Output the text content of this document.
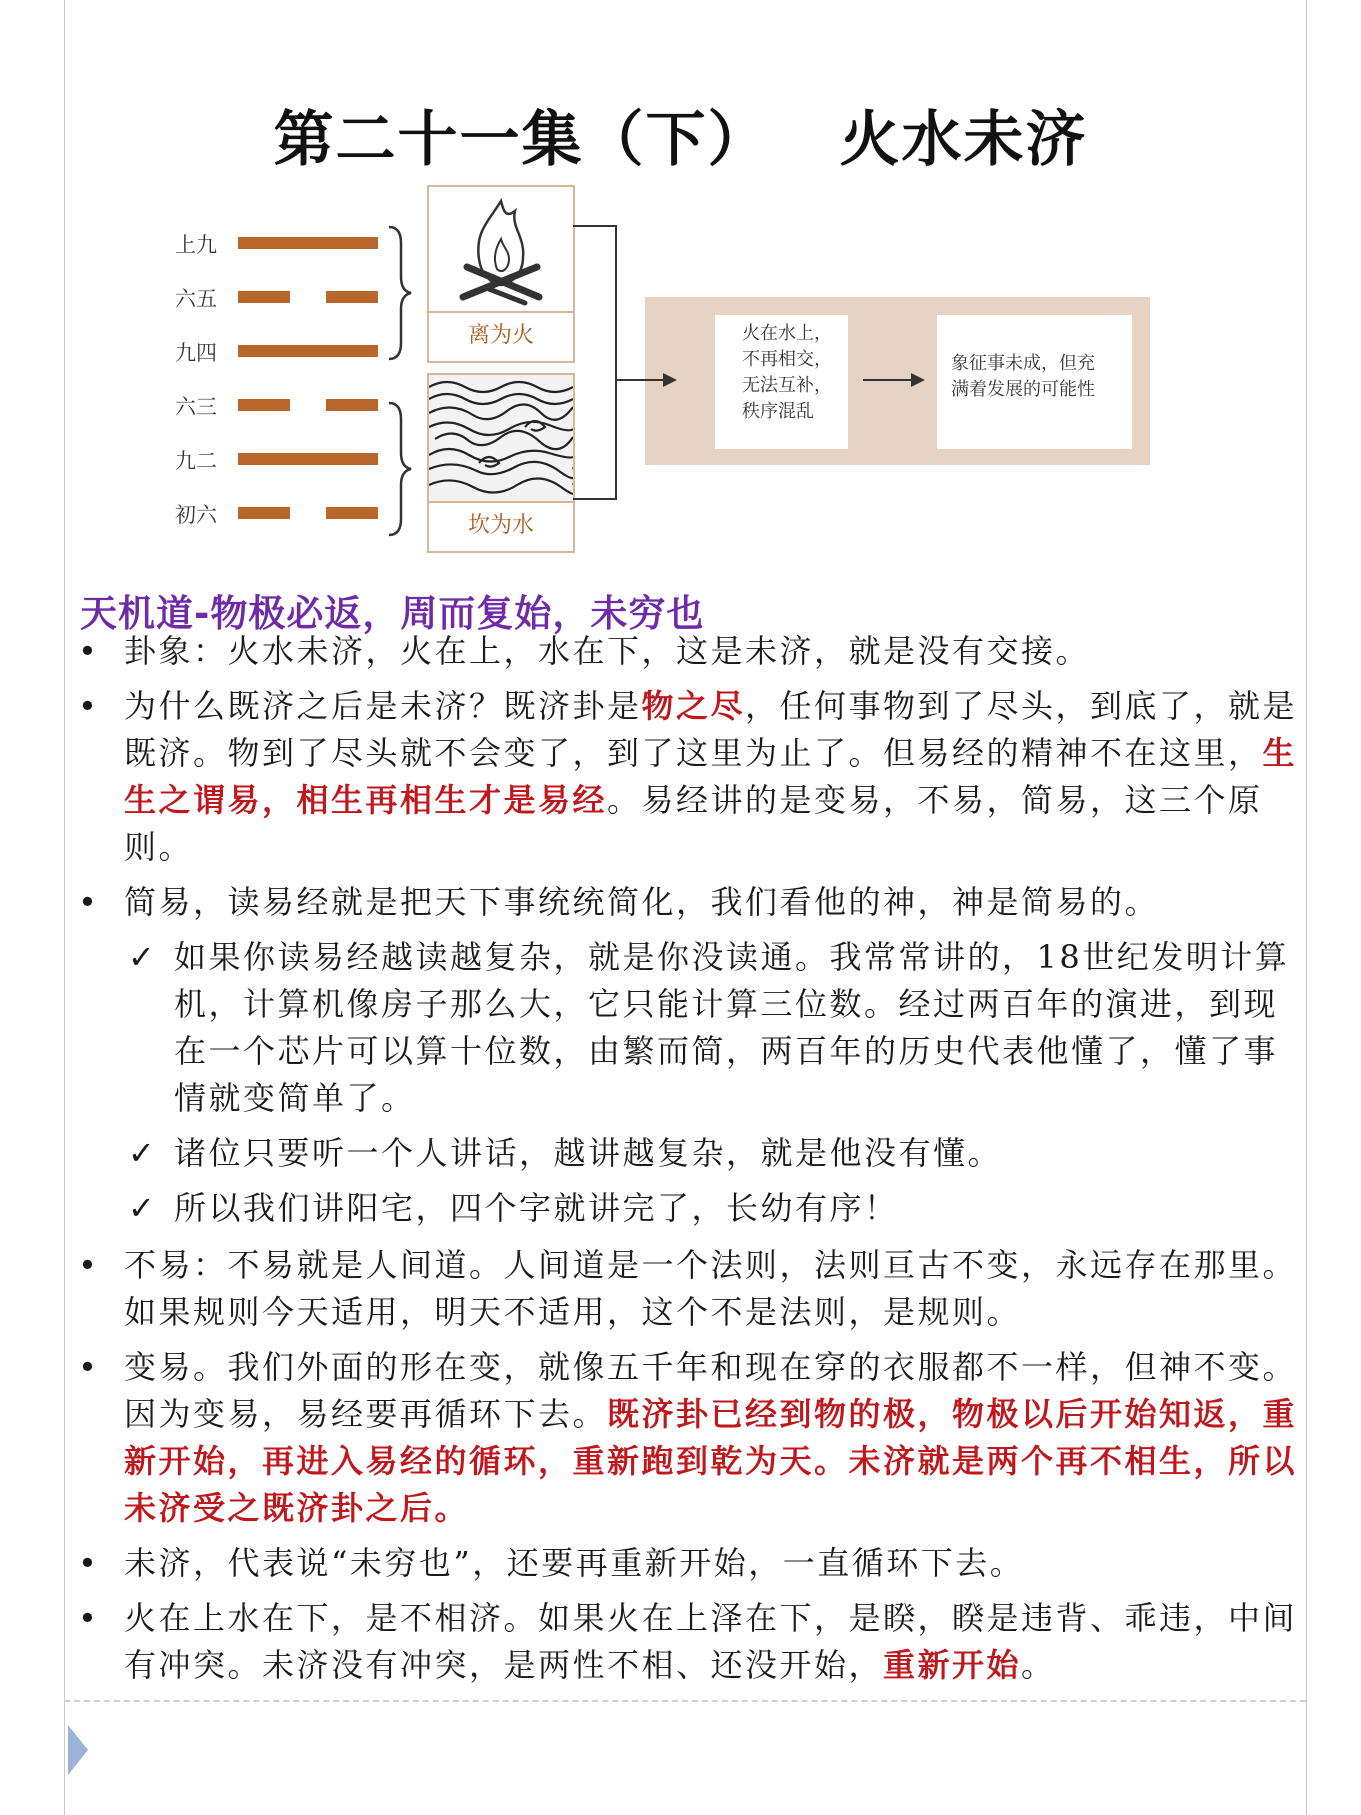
第二十一集（下） 火水未济
上九
六五
九四
六三
九二
初六
离为火
坎为水
火在水上，
不再相交，
无法互补，
秩序混乱
象征事未成，但充
满着发展的可能性
天机道-物极必返，周而复始，未穷也
• 卦象：火水未济，火在上，水在下，这是未济，就是没有交接。
• 为什么既济之后是未济？既济卦是物之尽，任何事物到了尽头，到底了，就是既济。物到了尽头就不会变了，到了这里为止了。但易经的精神不在这里，生生之谓易，相生再相生才是易经。易经讲的是变易，不易，简易，这三个原则。
• 简易，读易经就是把天下事统统简化，我们看他的神，神是简易的。
✓ 如果你读易经越读越复杂，就是你没读通。我常常讲的，18世纪发明计算机，计算机像房子那么大，它只能计算三位数。经过两百年的演进，到现在一个芯片可以算十位数，由繁而简，两百年的历史代表他懂了，懂了事情就变简单了。
✓ 诸位只要听一个人讲话，越讲越复杂，就是他没有懂。
✓ 所以我们讲阳宅，四个字就讲完了，长幼有序！
• 不易：不易就是人间道。人间道是一个法则，法则亘古不变，永远存在那里。如果规则今天适用，明天不适用，这个不是法则，是规则。
• 变易。我们外面的形在变，就像五千年和现在穿的衣服都不一样，但神不变。因为变易，易经要再循环下去。既济卦已经到物的极，物极以后开始知返，重新开始，再进入易经的循环，重新跑到乾为天。未济就是两个再不相生，所以未济受之既济卦之后。
• 未济，代表说“未穷也”，还要再重新开始，一直循环下去。
• 火在上水在下，是不相济。如果火在上泽在下，是睽，睽是违背、乖违，中间有冲突。未济没有冲突，是两性不相、还没开始，重新开始。
